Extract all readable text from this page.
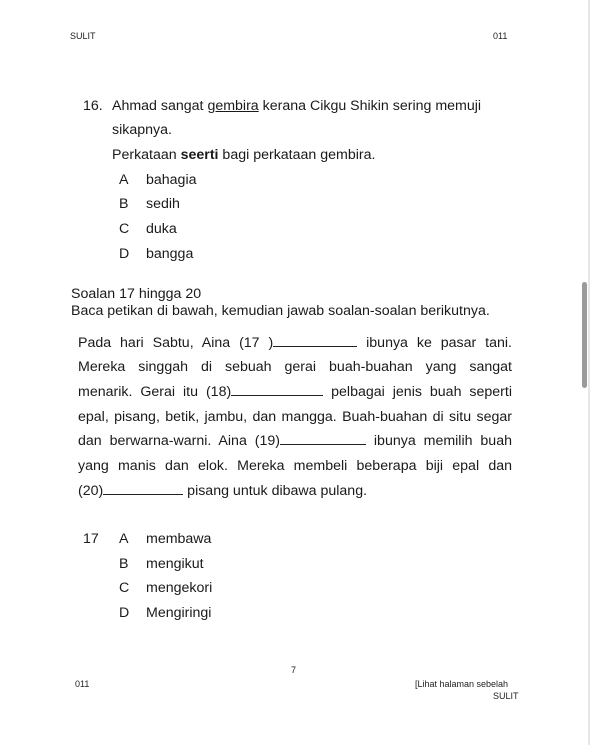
SULIT	011
16. Ahmad sangat gembira kerana Cikgu Shikin sering memuji
sikapnya.
Perkataan seerti bagi perkataan gembira.
A bahagia
B sedih
C duka
D bangga
Soalan 17 hingga 20
Baca petikan di bawah, kemudian jawab soalan-soalan berikutnya.
Pada hari Sabtu, Aina (17 )	ibunya ke pasar tani.
Mereka singgah di sebuah gerai buah-buahan yang sangat
menarik. Gerai itu (18)	pelbagai jenis buah seperti
epal, pisang, betik, jambu, dan mangga. Buah-buahan di situ segar
dan berwarna-warni. Aina (19)	ibunya memilih buah
yang manis dan elok. Mereka membeli beberapa biji epal dan
(20)	pisang untuk dibawa pulang.
17 A membawa
B mengikut
C mengekori
D Mengiringi
7
011	[Lihat halaman sebelah
SULIT
